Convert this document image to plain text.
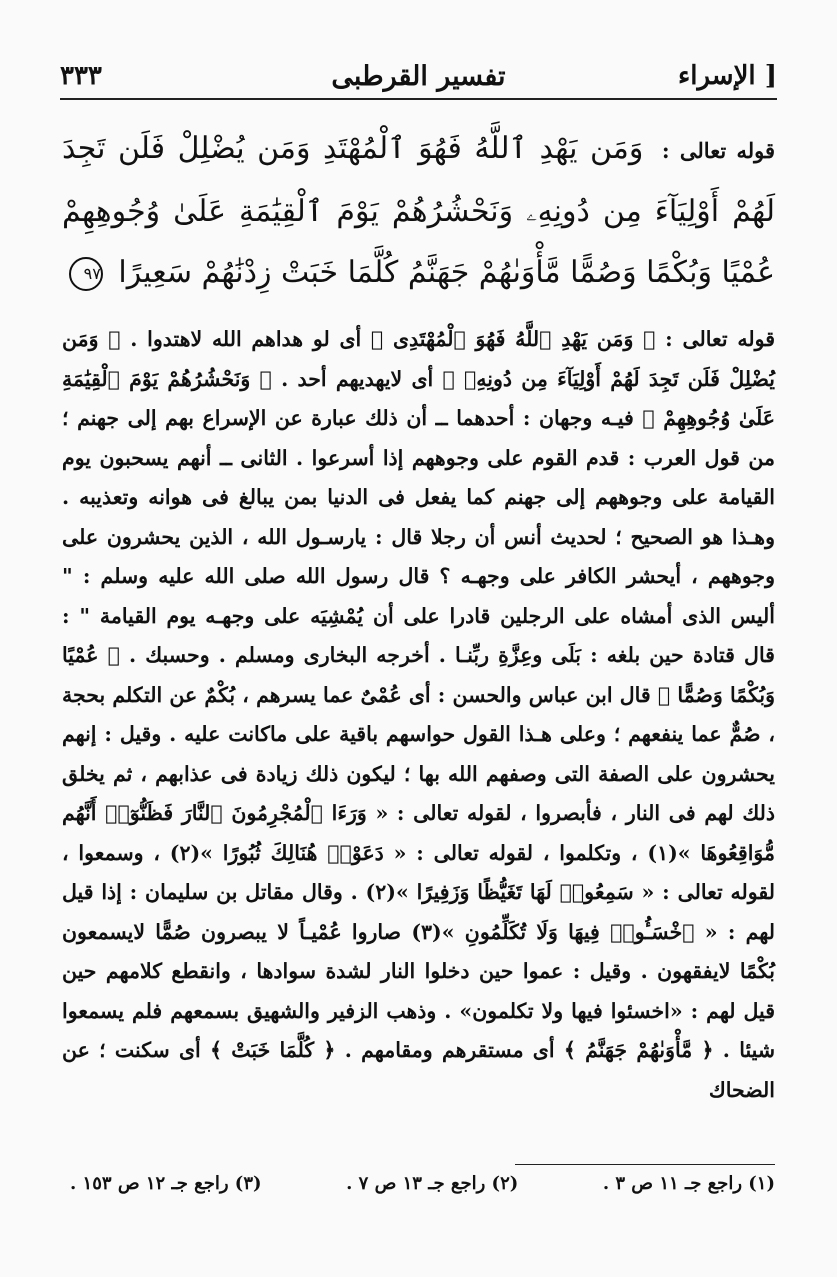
٣٣٣	تفسير القرطبى	الإسراء ]
قوله تعالى : وَمَن يَهْدِ ٱللَّهُ فَهُوَ ٱلْمُهْتَدِ وَمَن يُضْلِلْ فَلَن تَجِدَ لَهُمْ أَوْلِيَآءَ مِن دُونِهِۦ وَنَحْشُرُهُمْ يَوْمَ ٱلْقِيَٰمَةِ عَلَىٰ وُجُوهِهِمْ عُمْيًا وَبُكْمًا وَصُمًّا مَّأْوَىٰهُمْ جَهَنَّمُ كُلَّمَا خَبَتْ زِدْنَٰهُمْ سَعِيرًا ٩٧
قوله تعالى : ﴿ وَمَن يَهْدِ ٱللَّهُ فَهُوَ ٱلْمُهْتَدِى ﴾ أى لو هداهم الله لاهتدوا . ﴿ وَمَن يُضْلِلْ فَلَن تَجِدَ لَهُمْ أَوْلِيَآءَ مِن دُونِهِۦ ﴾ أى لايهديهم أحد . ﴿ وَنَحْشُرُهُمْ يَوْمَ ٱلْقِيَٰمَةِ عَلَىٰ وُجُوهِهِمْ ﴾ فيـه وجهان : أحدهما ــ أن ذلك عبارة عن الإسراع بهم إلى جهنم ؛ من قول العرب : قدم القوم على وجوههم إذا أسرعوا . الثانى ــ أنهم يسحبون يوم القيامة على وجوههم إلى جهنم كما يفعل فى الدنيا بمن يبالغ فى هوانه وتعذيبه . وهـذا هو الصحيح ؛ لحديث أنس أن رجلا قال : يارسـول الله ، الذين يحشرون على وجوههم ، أيحشر الكافر على وجهـه ؟ قال رسول الله صلى الله عليه وسلم : " أليس الذى أمشاه على الرجلين قادرا على أن يُمْشِيَه على وجهـه يوم القيامة " : قال قتادة حين بلغه : بَلَى وعِزَّةِ ربِّنـا . أخرجه البخارى ومسلم . وحسبك . ﴿ عُمْيًا وَبُكْمًا وَصُمًّا ﴾ قال ابن عباس والحسن : أى عُمْىٌ عما يسرهم ، بُكْمٌ عن التكلم بحجة ، صُمٌّ عما ينفعهم ؛ وعلى هـذا القول حواسهم باقية على ماكانت عليه . وقيل : إنهم يحشرون على الصفة التى وصفهم الله بها ؛ ليكون ذلك زيادة فى عذابهم ، ثم يخلق ذلك لهم فى النار ، فأبصروا ، لقوله تعالى : « وَرَءَا ٱلْمُجْرِمُونَ ٱلنَّارَ فَظَنُّوٓا۟ أَنَّهُم مُّوَاقِعُوهَا »(١) ، وتكلموا ، لقوله تعالى : « دَعَوْا۟ هُنَالِكَ ثُبُورًا »(٢) ، وسمعوا ، لقوله تعالى : « سَمِعُوا۟ لَهَا تَغَيُّظًا وَزَفِيرًا »(٢) . وقال مقاتل بن سليمان : إذا قيل لهم : « ٱخْسَـُٔوا۟ فِيهَا وَلَا تُكَلِّمُونِ »(٣) صاروا عُمْيـاً لا يبصرون صُمًّا لايسمعون بُكْمًا لايفقهون . وقيل : عموا حين دخلوا النار لشدة سوادها ، وانقطع كلامهم حين قيل لهم : «اخسئوا فيها ولا تكلمون» . وذهب الزفير والشهيق بسمعهم فلم يسمعوا شيئا . ﴿ مَّأْوَىٰهُمْ جَهَنَّمُ ﴾ أى مستقرهم ومقامهم . ﴿ كُلَّمَا خَبَتْ ﴾ أى سكنت ؛ عن الضحاك
(١) راجع جـ ١١ ص ٣ .
(٢) راجع جـ ١٣ ص ٧ .
(٣) راجع جـ ١٢ ص ١٥٣ .
